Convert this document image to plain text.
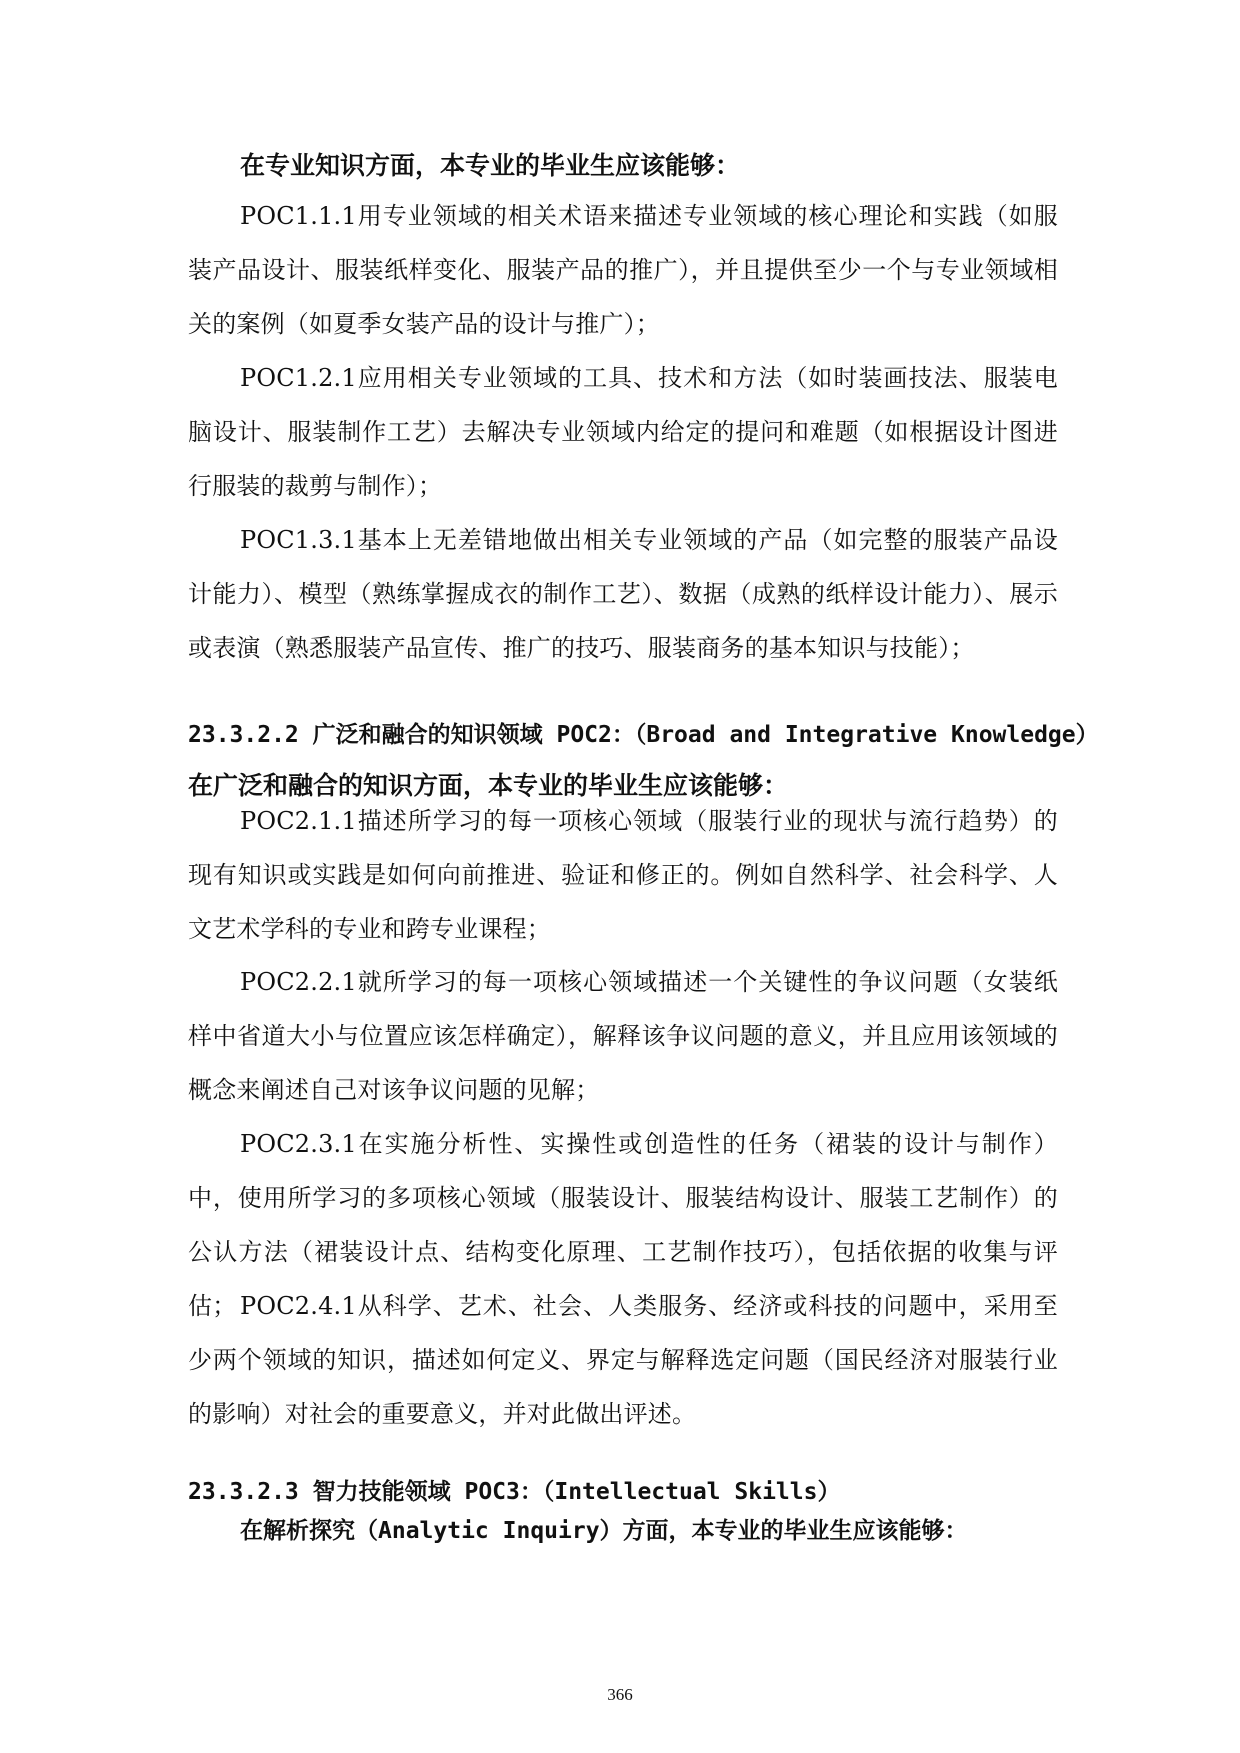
在专业知识方面，本专业的毕业生应该能够：

POC1.1.1用专业领域的相关术语来描述专业领域的核心理论和实践（如服装产品设计、服装纸样变化、服装产品的推广），并且提供至少一个与专业领域相关的案例（如夏季女装产品的设计与推广）；

POC1.2.1应用相关专业领域的工具、技术和方法（如时装画技法、服装电脑设计、服装制作工艺）去解决专业领域内给定的提问和难题（如根据设计图进行服装的裁剪与制作）；

POC1.3.1基本上无差错地做出相关专业领域的产品（如完整的服装产品设计能力）、模型（熟练掌握成衣的制作工艺）、数据（成熟的纸样设计能力）、展示或表演（熟悉服装产品宣传、推广的技巧、服装商务的基本知识与技能）；

23.3.2.2 广泛和融合的知识领域 POC2：（Broad and Integrative Knowledge）

在广泛和融合的知识方面，本专业的毕业生应该能够：

POC2.1.1描述所学习的每一项核心领域（服装行业的现状与流行趋势）的现有知识或实践是如何向前推进、验证和修正的。例如自然科学、社会科学、人文艺术学科的专业和跨专业课程；

POC2.2.1就所学习的每一项核心领域描述一个关键性的争议问题（女装纸样中省道大小与位置应该怎样确定），解释该争议问题的意义，并且应用该领域的概念来阐述自己对该争议问题的见解；

POC2.3.1在实施分析性、实操性或创造性的任务（裙装的设计与制作）中，使用所学习的多项核心领域（服装设计、服装结构设计、服装工艺制作）的公认方法（裙装设计点、结构变化原理、工艺制作技巧），包括依据的收集与评估； POC2.4.1从科学、艺术、社会、人类服务、经济或科技的问题中，采用至少两个领域的知识，描述如何定义、界定与解释选定问题（国民经济对服装行业的影响）对社会的重要意义，并对此做出评述。

23.3.2.3 智力技能领域 POC3：（Intellectual Skills）

在解析探究（Analytic Inquiry）方面，本专业的毕业生应该能够：

366
